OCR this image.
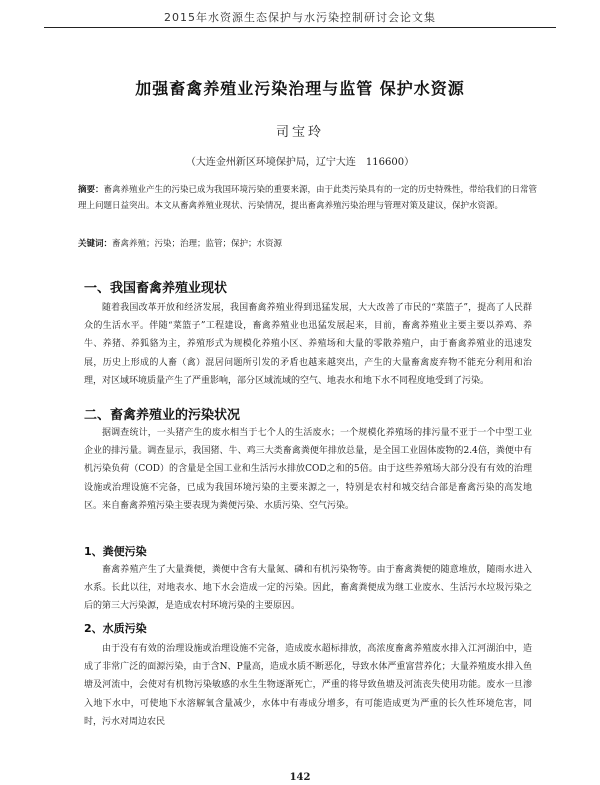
2015年水资源生态保护与水污染控制研讨会论文集
加强畜禽养殖业污染治理与监管 保护水资源
司宝玲
（大连金州新区环境保护局，辽宁大连　116600）
摘要：畜禽养殖业产生的污染已成为我国环境污染的重要来源，由于此类污染具有的一定的历史特殊性，带给我们的日常管理上问题日益突出。本文从畜禽养殖业现状、污染情况，提出畜禽养殖污染治理与管理对策及建议，保护水资源。
关键词：畜禽养殖；污染；治理；监管；保护；水资源
一、我国畜禽养殖业现状

随着我国改革开放和经济发展，我国畜禽养殖业得到迅猛发展，大大改善了市民的“菜篮子”，提高了人民群众的生活水平。伴随“菜篮子”工程建设，畜禽养殖业也迅猛发展起来，目前，畜禽养殖业主要主要以养鸡、养牛、养猪、养狐貉为主，养殖形式为规模化养殖小区、养殖场和大量的零散养殖户，由于畜禽养殖业的迅速发展，历史上形成的人畜（禽）混居问题所引发的矛盾也越来越突出，产生的大量畜禽废弃物不能充分利用和治理，对区域环境质量产生了严重影响，部分区域流域的空气、地表水和地下水不同程度地受到了污染。

二、畜禽养殖业的污染状况

据调查统计，一头猪产生的废水相当于七个人的生活废水；一个规模化养殖场的排污量不亚于一个中型工业企业的排污量。调查显示，我国猪、牛、鸡三大类畜禽粪便年排放总量，是全国工业固体废物的2.4倍，粪便中有机污染负荷（COD）的含量是全国工业和生活污水排放COD之和的5倍。由于这些养殖场大部分没有有效的治理设施或治理设施不完备，已成为我国环境污染的主要来源之一，特别是农村和城交结合部是畜禽污染的高发地区。来自畜禽养殖污染主要表现为粪便污染、水质污染、空气污染。

1、粪便污染

畜禽养殖产生了大量粪便，粪便中含有大量氮、磷和有机污染物等。由于畜禽粪便的随意堆放，随雨水进入水系。长此以往，对地表水、地下水会造成一定的污染。因此，畜禽粪便成为继工业废水、生活污水垃圾污染之后的第三大污染源，是造成农村环境污染的主要原因。

2、水质污染

由于没有有效的治理设施或治理设施不完备，造成废水超标排放，高浓度畜禽养殖废水排入江河湖泊中，造成了非常广泛的面源污染，由于含N、P量高，造成水质不断恶化，导致水体严重富营养化；大量养殖废水排入鱼塘及河流中，会使对有机物污染敏感的水生生物逐渐死亡，严重的将导致鱼塘及河流丧失使用功能。废水一旦渗入地下水中，可使地下水溶解氧含量减少，水体中有毒成分增多，有可能造成更为严重的长久性环境危害，同时，污水对周边农民

142
